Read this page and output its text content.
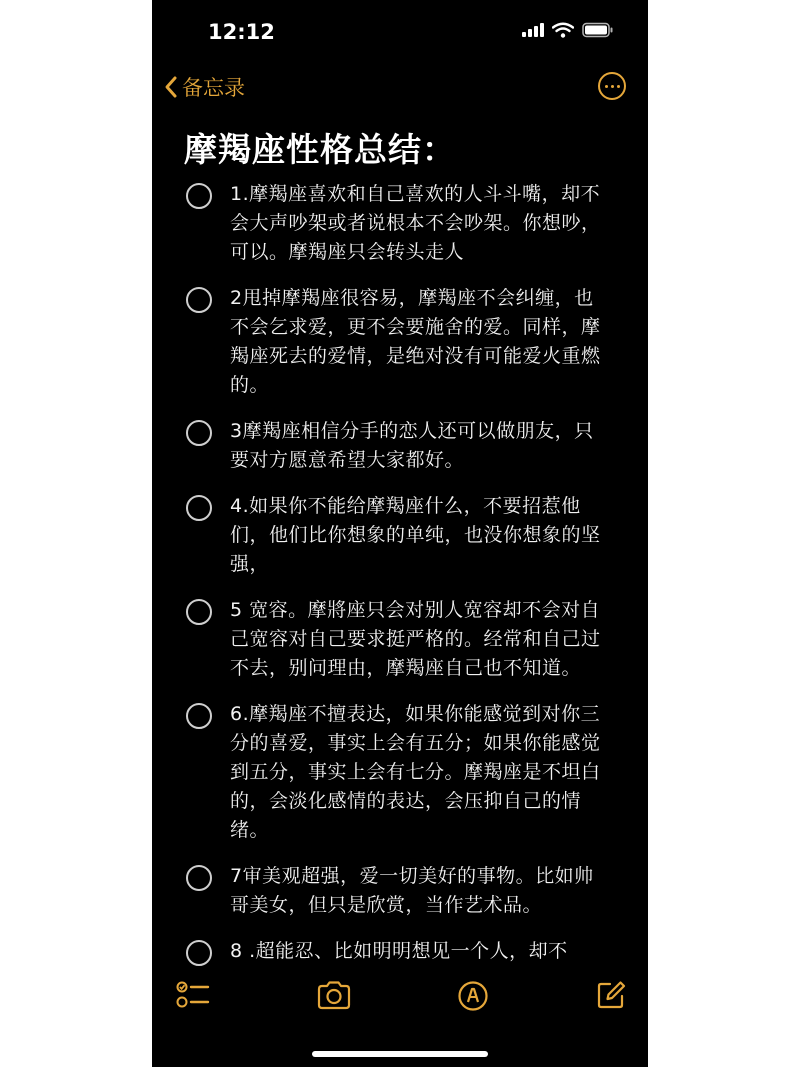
12:12
备忘录
摩羯座性格总结：
1.摩羯座喜欢和自己喜欢的人斗斗嘴，却不会大声吵架或者说根本不会吵架。你想吵，可以。摩羯座只会转头走人
2甩掉摩羯座很容易，摩羯座不会纠缠，也不会乞求爱，更不会要施舍的爱。同样，摩羯座死去的爱情，是绝对没有可能爱火重燃的。
3摩羯座相信分手的恋人还可以做朋友，只要对方愿意希望大家都好。
4.如果你不能给摩羯座什么，不要招惹他们，他们比你想象的单纯，也没你想象的坚强，
5 宽容。摩將座只会对别人宽容却不会对自己宽容对自己要求挺严格的。经常和自己过不去，别问理由，摩羯座自己也不知道。
6.摩羯座不擅表达，如果你能感觉到对你三分的喜爱，事实上会有五分；如果你能感觉到五分，事实上会有七分。摩羯座是不坦白的，会淡化感情的表达，会压抑自己的情绪。
7审美观超强，爱一切美好的事物。比如帅哥美女，但只是欣赏，当作艺术品。
8 .超能忍、比如明明想见一个人，却不
